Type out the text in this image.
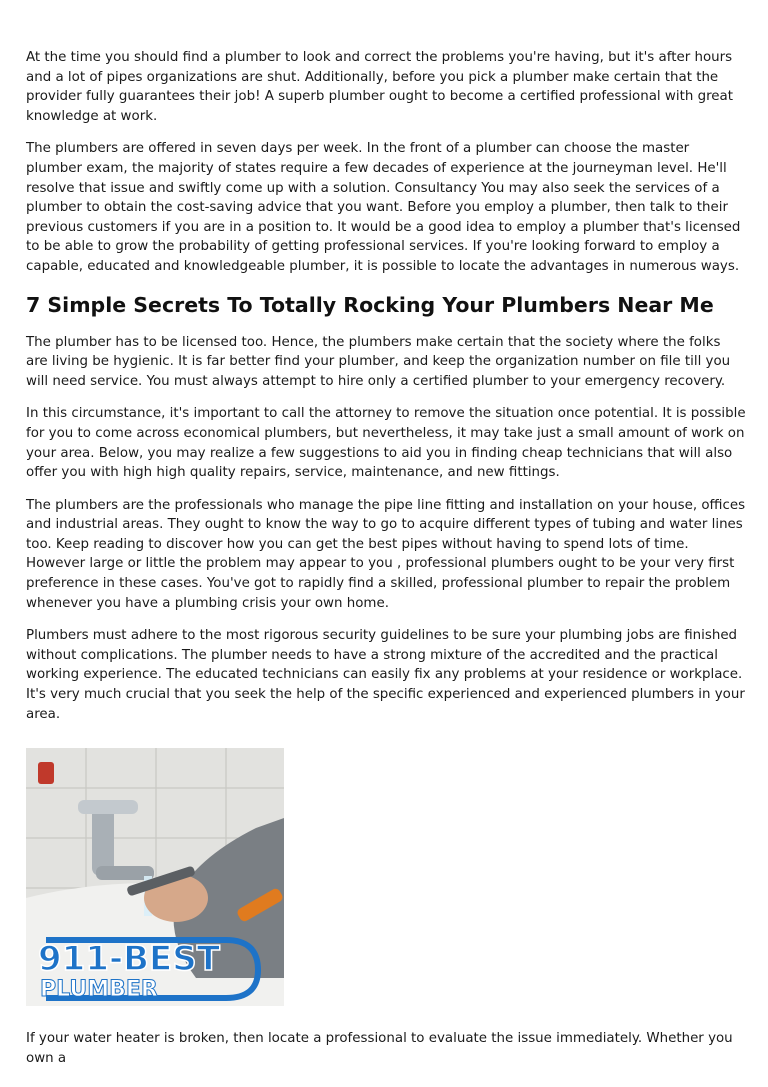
At the time you should find a plumber to look and correct the problems you're having, but it's after hours and a lot of pipes organizations are shut. Additionally, before you pick a plumber make certain that the provider fully guarantees their job! A superb plumber ought to become a certified professional with great knowledge at work.

The plumbers are offered in seven days per week. In the front of a plumber can choose the master plumber exam, the majority of states require a few decades of experience at the journeyman level. He'll resolve that issue and swiftly come up with a solution. Consultancy You may also seek the services of a plumber to obtain the cost-saving advice that you want. Before you employ a plumber, then talk to their previous customers if you are in a position to. It would be a good idea to employ a plumber that's licensed to be able to grow the probability of getting professional services. If you're looking forward to employ a capable, educated and knowledgeable plumber, it is possible to locate the advantages in numerous ways.

7 Simple Secrets To Totally Rocking Your Plumbers Near Me

The plumber has to be licensed too. Hence, the plumbers make certain that the society where the folks are living be hygienic. It is far better find your plumber, and keep the organization number on file till you will need service. You must always attempt to hire only a certified plumber to your emergency recovery.

In this circumstance, it's important to call the attorney to remove the situation once potential. It is possible for you to come across economical plumbers, but nevertheless, it may take just a small amount of work on your area. Below, you may realize a few suggestions to aid you in finding cheap technicians that will also offer you with high high quality repairs, service, maintenance, and new fittings.

The plumbers are the professionals who manage the pipe line fitting and installation on your house, offices and industrial areas. They ought to know the way to go to acquire different types of tubing and water lines too. Keep reading to discover how you can get the best pipes without having to spend lots of time. However large or little the problem may appear to you , professional plumbers ought to be your very first preference in these cases. You've got to rapidly find a skilled, professional plumber to repair the problem whenever you have a plumbing crisis your own home.

Plumbers must adhere to the most rigorous security guidelines to be sure your plumbing jobs are finished without complications. The plumber needs to have a strong mixture of the accredited and the practical working experience. The educated technicians can easily fix any problems at your residence or workplace. It's very much crucial that you seek the help of the specific experienced and experienced plumbers in your area.

911-BEST
PLUMBER

If your water heater is broken, then locate a professional to evaluate the issue immediately. Whether you own a
